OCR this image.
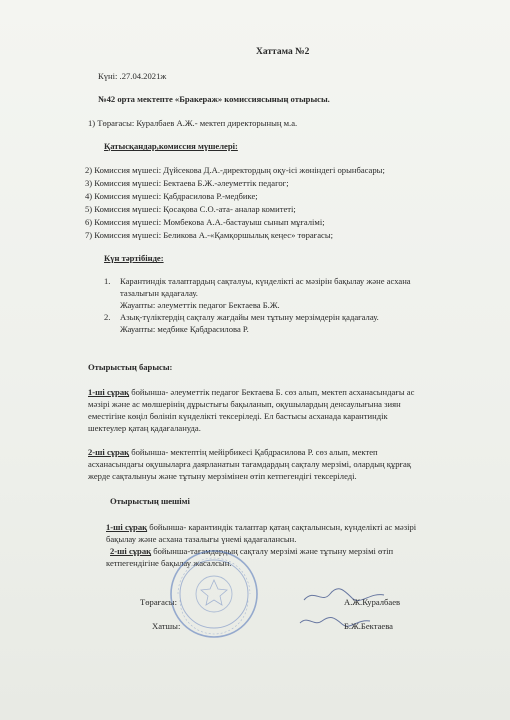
Хаттама №2
Күні: .27.04.2021ж
№42 орта мектепте «Бракераж» комиссиясының отырысы.
1) Төрағасы: Куралбаев А.Ж.- мектеп директорының м.а.
Қатысқандар,комиссия мүшелері:
2) Комиссия мүшесі: Дүйсекова Д.А.-директордың оқу-ісі жөніндегі орынбасары;
3) Комиссия мүшесі: Бектаева Б.Ж.-әлеуметтік педагог;
4) Комиссия мүшесі: Қабдрасилова Р.-медбике;
5) Комиссия мүшесі: Қосақова С.О.-ата- аналар комитеті;
6) Комиссия мүшесі: Момбекова А.А.-бастауыш сынып мұғалімі;
7) Комиссия мүшесі: Беликова А.-«Қамқоршылық кеңес» төрағасы;
Күн тәртібінде:
1. Карантиндік талаптардың сақталуы, күнделікті ас мәзірін бақылау және асхана
тазалығын қадағалау.
Жауапты: әлеуметтік педагог Бектаева Б.Ж.
2. Азық-түліктердің сақталу жағдайы мен тұтыну мерзімдерін қадағалау.
Жауапты: медбике Қабдрасилова Р.
Отырыстың барысы:
1-ші сұрақ бойынша- әлеуметтік педагог Бектаева Б. сөз алып, мектеп асханасындағы ас
мәзірі және ас мөлшерінің дұрыстығы бақыланып, оқушылардың денсаулығына зиян
еместігіне көңіл бөлініп күнделікті тексеріледі. Ел бастысы асханада карантиндік
шектеулер қатаң қадағалануда.
2-ші сұрақ бойынша- мектептің мейірбикесі Қабдрасилова Р. сөз алып, мектеп
асханасындағы оқушыларға даярланатын тағамдардың сақталу мерзімі, олардың құрғақ
жерде сақталынуы және тұтыну мерзімінен өтіп кетпегендігі тексеріледі.
Отырыстың шешімі
1-ші сұрақ бойынша- карантиндік талаптар қатаң сақталынсын, күнделікті ас мәзірі
бақылау және асхана тазалығы үнемі қадағалансын.
2-ші сұрақ бойынша-тағамдардың сақталу мерзімі және тұтыну мерзімі өтіп
кетпегендігіне бақылау жасалсын.
Төрағасы:	А.Ж.Куралбаев
Хатшы:	Б.Ж.Бектаева
